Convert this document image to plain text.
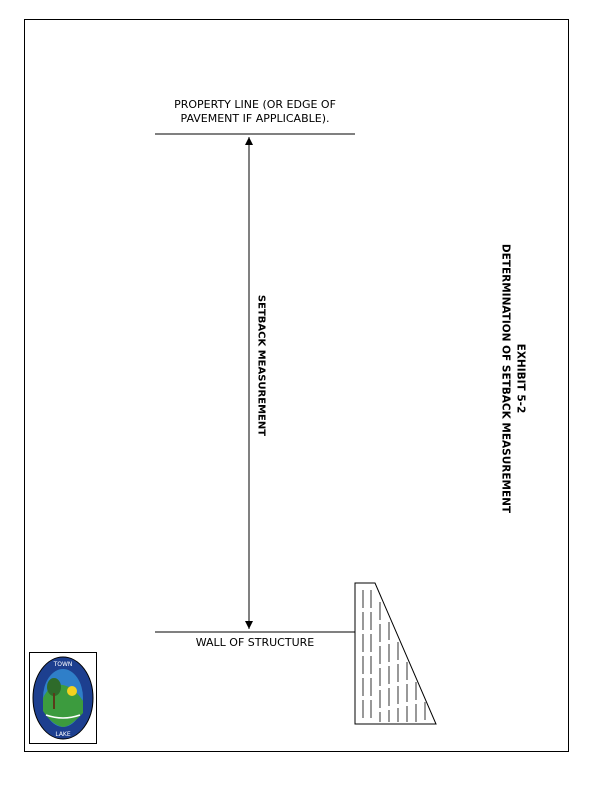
PROPERTY LINE (OR EDGE OF
PAVEMENT IF APPLICABLE).
WALL OF STRUCTURE
SETBACK MEASUREMENT	EXHIBIT 5-2
DETERMINATION OF SETBACK MEASUREMENT
TOWN
LAKE
